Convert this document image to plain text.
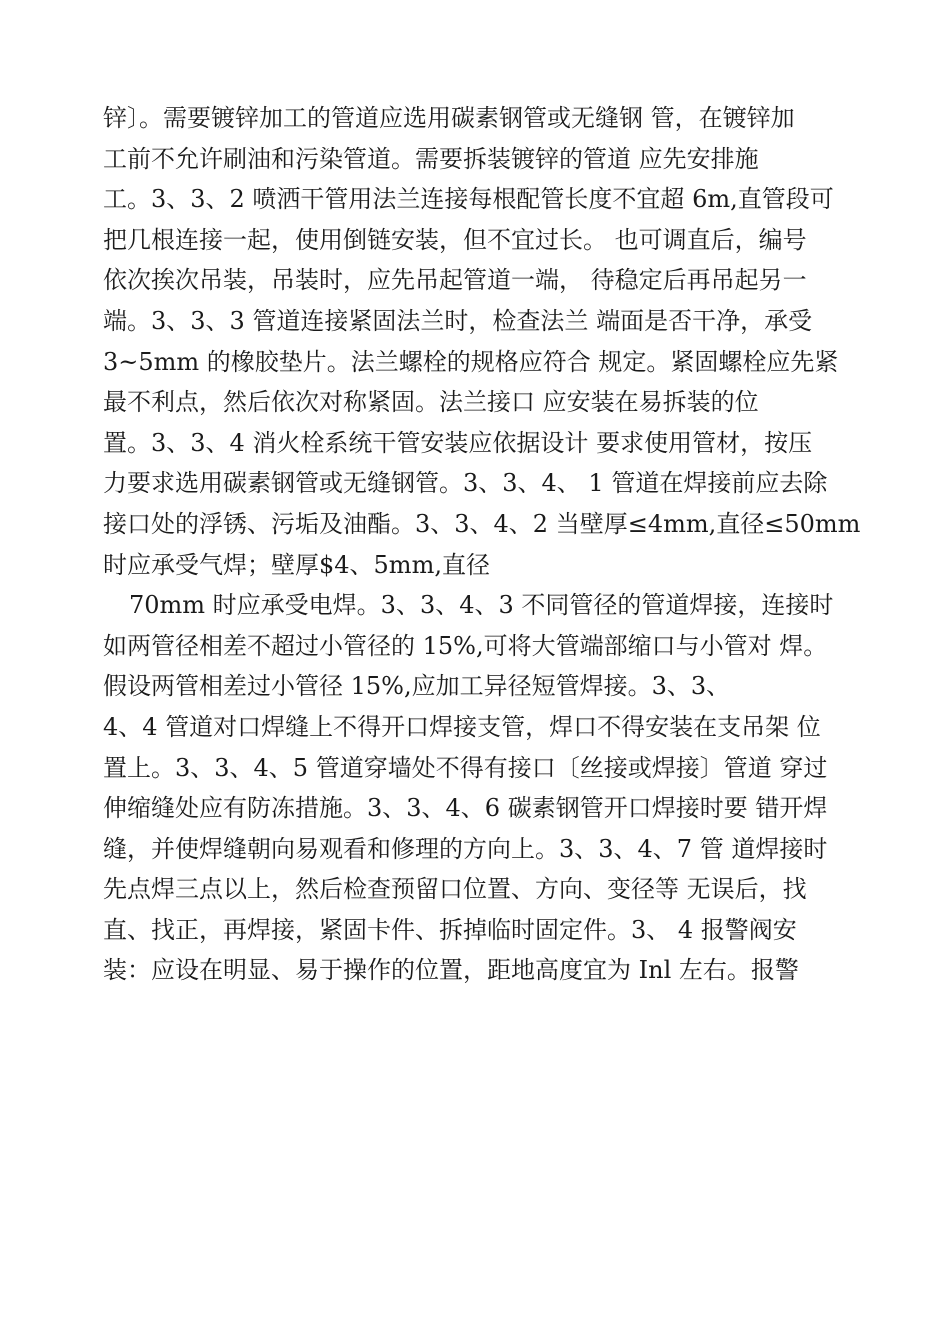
锌〕。需要镀锌加工的管道应选用碳素钢管或无缝钢 管，在镀锌加
工前不允许刷油和污染管道。需要拆装镀锌的管道 应先安排施
工。3、3、2 喷洒干管用法兰连接每根配管长度不宜超 6m,直管段可
把几根连接一起，使用倒链安装，但不宜过长。 也可调直后，编号
依次挨次吊装，吊装时，应先吊起管道一端， 待稳定后再吊起另一
端。3、3、3 管道连接紧固法兰时，检查法兰 端面是否干净，承受
3~5mm 的橡胶垫片。法兰螺栓的规格应符合 规定。紧固螺栓应先紧
最不利点，然后依次对称紧固。法兰接口 应安装在易拆装的位
置。3、3、4 消火栓系统干管安装应依据设计 要求使用管材，按压
力要求选用碳素钢管或无缝钢管。3、3、4、 1 管道在焊接前应去除
接口处的浮锈、污垢及油酯。3、3、4、2 当壁厚≤4mm,直径≤50mm
时应承受气焊；壁厚$4、5mm,直径
70mm 时应承受电焊。3、3、4、3 不同管径的管道焊接，连接时
如两管径相差不超过小管径的 15%,可将大管端部缩口与小管对 焊。
假设两管相差过小管径 15%,应加工异径短管焊接。3、3、
4、4 管道对口焊缝上不得开口焊接支管，焊口不得安装在支吊架 位
置上。3、3、4、5 管道穿墙处不得有接口〔丝接或焊接〕管道 穿过
伸缩缝处应有防冻措施。3、3、4、6 碳素钢管开口焊接时要 错开焊
缝，并使焊缝朝向易观看和修理的方向上。3、3、4、7 管 道焊接时
先点焊三点以上，然后检查预留口位置、方向、变径等 无误后，找
直、找正，再焊接，紧固卡件、拆掉临时固定件。3、 4 报警阀安
装：应设在明显、易于操作的位置，距地高度宜为 Inl 左右。报警
